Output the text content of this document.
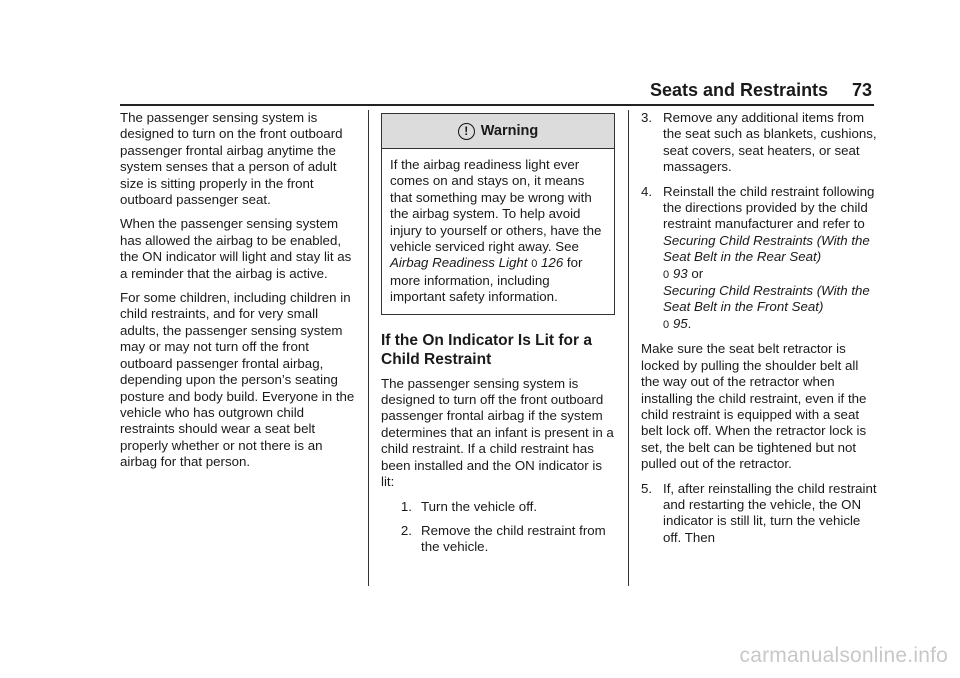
Seats and Restraints 73

The passenger sensing system is designed to turn on the front outboard passenger frontal airbag anytime the system senses that a person of adult size is sitting properly in the front outboard passenger seat.

When the passenger sensing system has allowed the airbag to be enabled, the ON indicator will light and stay lit as a reminder that the airbag is active.

For some children, including children in child restraints, and for very small adults, the passenger sensing system may or may not turn off the front outboard passenger frontal airbag, depending upon the person’s seating posture and body build. Everyone in the vehicle who has outgrown child restraints should wear a seat belt properly whether or not there is an airbag for that person.

! Warning
If the airbag readiness light ever comes on and stays on, it means that something may be wrong with the airbag system. To help avoid injury to yourself or others, have the vehicle serviced right away. See Airbag Readiness Light 0 126 for more information, including important safety information.
If the On Indicator Is Lit for a Child Restraint

The passenger sensing system is designed to turn off the front outboard passenger frontal airbag if the system determines that an infant is present in a child restraint. If a child restraint has been installed and the ON indicator is lit:

1. Turn the vehicle off.
2. Remove the child restraint from the vehicle.
3. Remove any additional items from the seat such as blankets, cushions, seat covers, seat heaters, or seat massagers.
4. Reinstall the child restraint following the directions provided by the child restraint manufacturer and refer to
Securing Child Restraints (With the Seat Belt in the Rear Seat)
0 93 or
Securing Child Restraints (With the Seat Belt in the Front Seat)
0 95.

Make sure the seat belt retractor is locked by pulling the shoulder belt all the way out of the retractor when installing the child restraint, even if the child restraint is equipped with a seat belt lock off. When the retractor lock is set, the belt can be tightened but not pulled out of the retractor.

5. If, after reinstalling the child restraint and restarting the vehicle, the ON indicator is still lit, turn the vehicle off. Then
carmanualsonline.info
